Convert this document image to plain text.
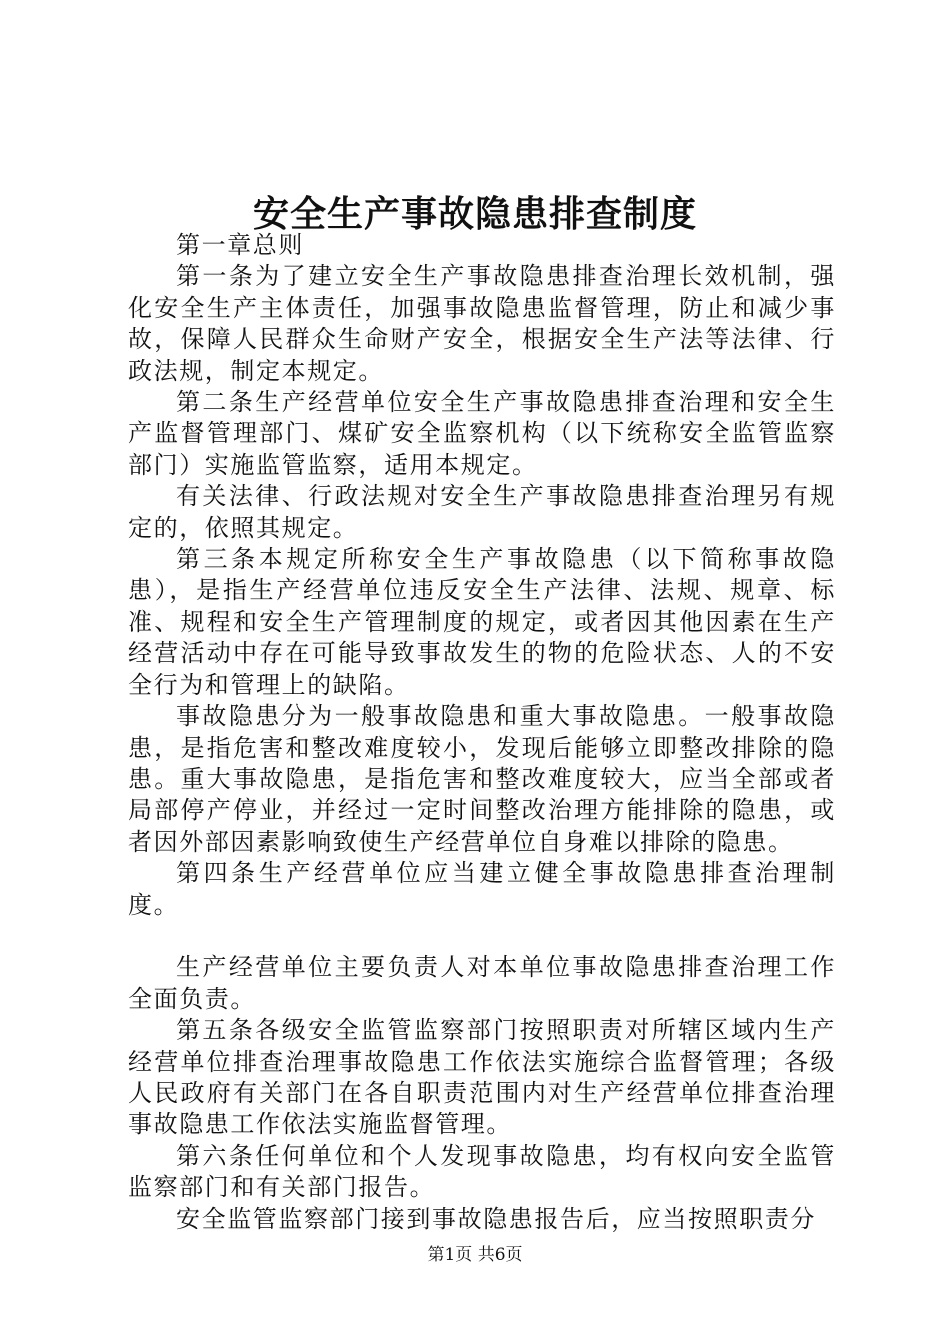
安全生产事故隐患排查制度

第一章总则

第一条为了建立安全生产事故隐患排查治理长效机制，强化安全生产主体责任，加强事故隐患监督管理，防止和减少事故，保障人民群众生命财产安全，根据安全生产法等法律、行政法规，制定本规定。

第二条生产经营单位安全生产事故隐患排查治理和安全生产监督管理部门、煤矿安全监察机构（以下统称安全监管监察部门）实施监管监察，适用本规定。

有关法律、行政法规对安全生产事故隐患排查治理另有规定的，依照其规定。

第三条本规定所称安全生产事故隐患（以下简称事故隐患），是指生产经营单位违反安全生产法律、法规、规章、标准、规程和安全生产管理制度的规定，或者因其他因素在生产经营活动中存在可能导致事故发生的物的危险状态、人的不安全行为和管理上的缺陷。

事故隐患分为一般事故隐患和重大事故隐患。一般事故隐患，是指危害和整改难度较小，发现后能够立即整改排除的隐患。重大事故隐患，是指危害和整改难度较大，应当全部或者局部停产停业，并经过一定时间整改治理方能排除的隐患，或者因外部因素影响致使生产经营单位自身难以排除的隐患。

第四条生产经营单位应当建立健全事故隐患排查治理制度。

生产经营单位主要负责人对本单位事故隐患排查治理工作全面负责。

第五条各级安全监管监察部门按照职责对所辖区域内生产经营单位排查治理事故隐患工作依法实施综合监督管理；各级人民政府有关部门在各自职责范围内对生产经营单位排查治理事故隐患工作依法实施监督管理。

第六条任何单位和个人发现事故隐患，均有权向安全监管监察部门和有关部门报告。

安全监管监察部门接到事故隐患报告后，应当按照职责分

第1页 共6页
